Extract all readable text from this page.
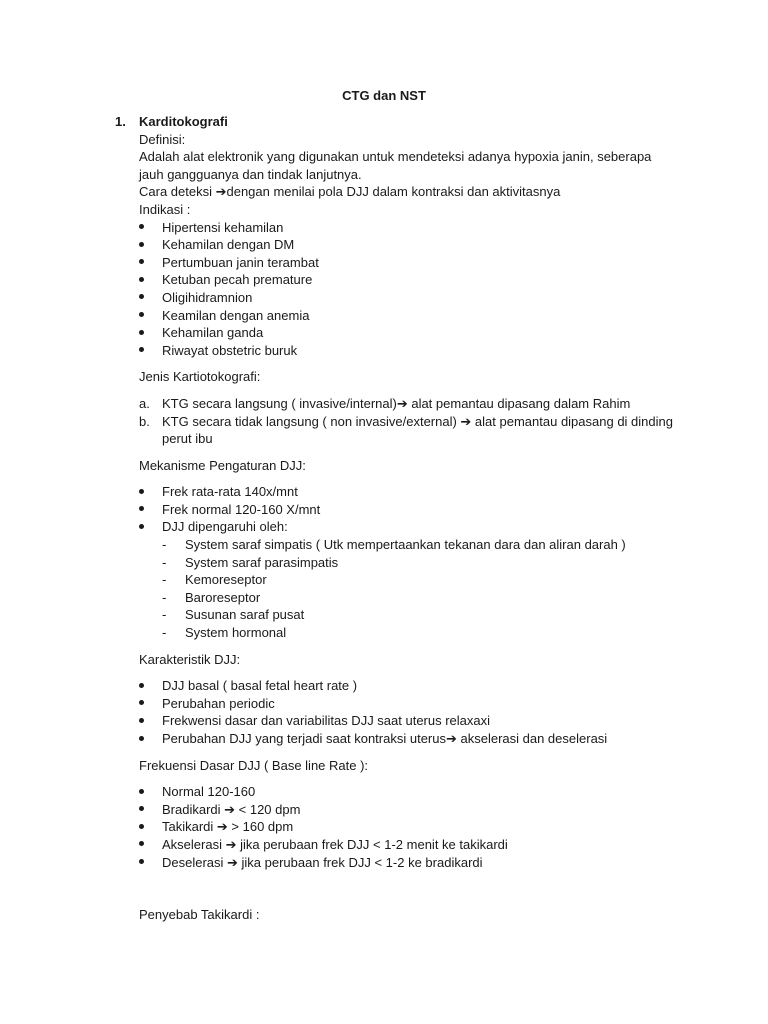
CTG dan NST
1. Karditokografi
Definisi:
Adalah alat elektronik yang digunakan untuk mendeteksi adanya hypoxia janin, seberapa
jauh gangguanya dan tindak lanjutnya.
Cara deteksi ➔dengan menilai pola DJJ dalam kontraksi dan aktivitasnya
Indikasi :
Hipertensi kehamilan
Kehamilan dengan DM
Pertumbuan janin terambat
Ketuban pecah premature
Oligihidramnion
Keamilan dengan anemia
Kehamilan ganda
Riwayat obstetric buruk
Jenis Kartiotokografi:
a. KTG secara langsung ( invasive/internal)➔ alat pemantau dipasang dalam Rahim
b. KTG secara tidak langsung ( non invasive/external) ➔ alat pemantau dipasang di dinding
perut ibu
Mekanisme Pengaturan DJJ:
Frek rata-rata 140x/mnt
Frek normal 120-160 X/mnt
DJJ dipengaruhi oleh:
- System saraf simpatis ( Utk mempertaankan tekanan dara dan aliran darah )
- System saraf parasimpatis
- Kemoreseptor
- Baroreseptor
- Susunan saraf pusat
- System hormonal
Karakteristik DJJ:
DJJ basal ( basal fetal heart rate )
Perubahan periodic
Frekwensi dasar dan variabilitas DJJ saat uterus relaxaxi
Perubahan DJJ yang terjadi saat kontraksi uterus➔ akselerasi dan deselerasi
Frekuensi Dasar DJJ ( Base line Rate ):
Normal 120-160
Bradikardi ➔ < 120 dpm
Takikardi ➔ > 160 dpm
Akselerasi ➔ jika perubaan frek DJJ < 1-2 menit ke takikardi
Deselerasi ➔ jika perubaan frek DJJ < 1-2 ke bradikardi
Penyebab Takikardi :
